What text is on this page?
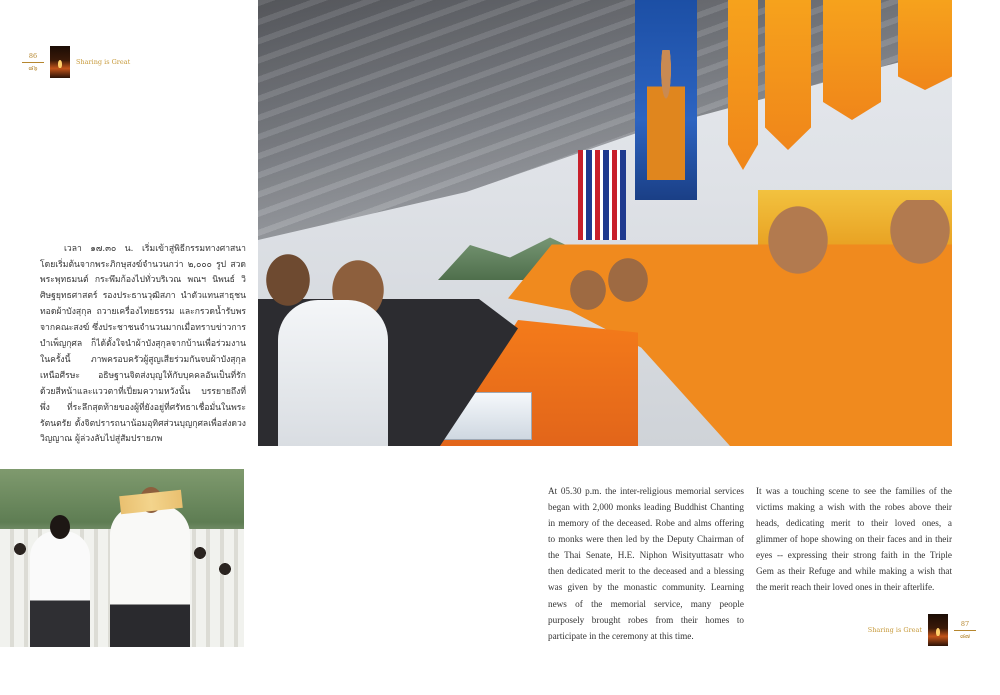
86
๘๖
Sharing is Great

เวลา ๑๗.๓๐ น. เริ่มเข้าสู่พิธีกรรมทางศาสนา โดยเริ่มต้นจากพระภิกษุสงฆ์จำนวนกว่า ๒,๐๐๐ รูป สวดพระพุทธมนต์ กระพึมก้องไปทั่วบริเวณ พณฯ นิพนธ์ วิศิษฐยุทธศาสตร์ รองประธานวุฒิสภา นำตัวแทนสาธุชน ทอดผ้าบังสุกุล ถวายเครื่องไทยธรรม และกรวดน้ำรับพร จากคณะสงฆ์ ซึ่งประชาชนจำนวนมากเมื่อทราบข่าวการ บำเพ็ญกุศล ก็ได้ตั้งใจนำผ้าบังสุกุลจากบ้านเพื่อร่วมงาน ในครั้งนี้ ภาพครอบครัวผู้สูญเสียร่วมกันจบผ้าบังสุกุล เหนือศีรษะ อธิษฐานจิตส่งบุญให้กับบุคคลอันเป็นที่รัก ด้วยสีหน้าและแววตาที่เปี่ยมความหวังนั้น บรรยายถึงที่พึ่ง ที่ระลึกสุดท้ายของผู้ที่ยังอยู่ที่ศรัทธาเชื่อมั่นในพระรัตนตรัย ตั้งจิตปรารถนาน้อมอุทิศส่วนบุญกุศลเพื่อส่งดวงวิญญาณ ผู้ล่วงลับไปสู่สัมปรายภพ

At 05.30 p.m. the inter-religious memorial services began with 2,000 monks leading Buddhist Chanting in memory of the deceased. Robe and alms offering to monks were then led by the Deputy Chairman of the Thai Senate, H.E. Niphon Wisityuttasatr who then dedicated merit to the deceased and a blessing was given by the monastic community. Learning news of the memorial service, many people purposely brought robes from their homes to participate in the ceremony at this time.

It was a touching scene to see the families of the victims making a wish with the robes above their heads, dedicating merit to their loved ones, a glimmer of hope showing on their faces and in their eyes -- expressing their strong faith in the Triple Gem as their Refuge and while making a wish that the merit reach their loved ones in their afterlife.

Sharing is Great
87
๘๗
